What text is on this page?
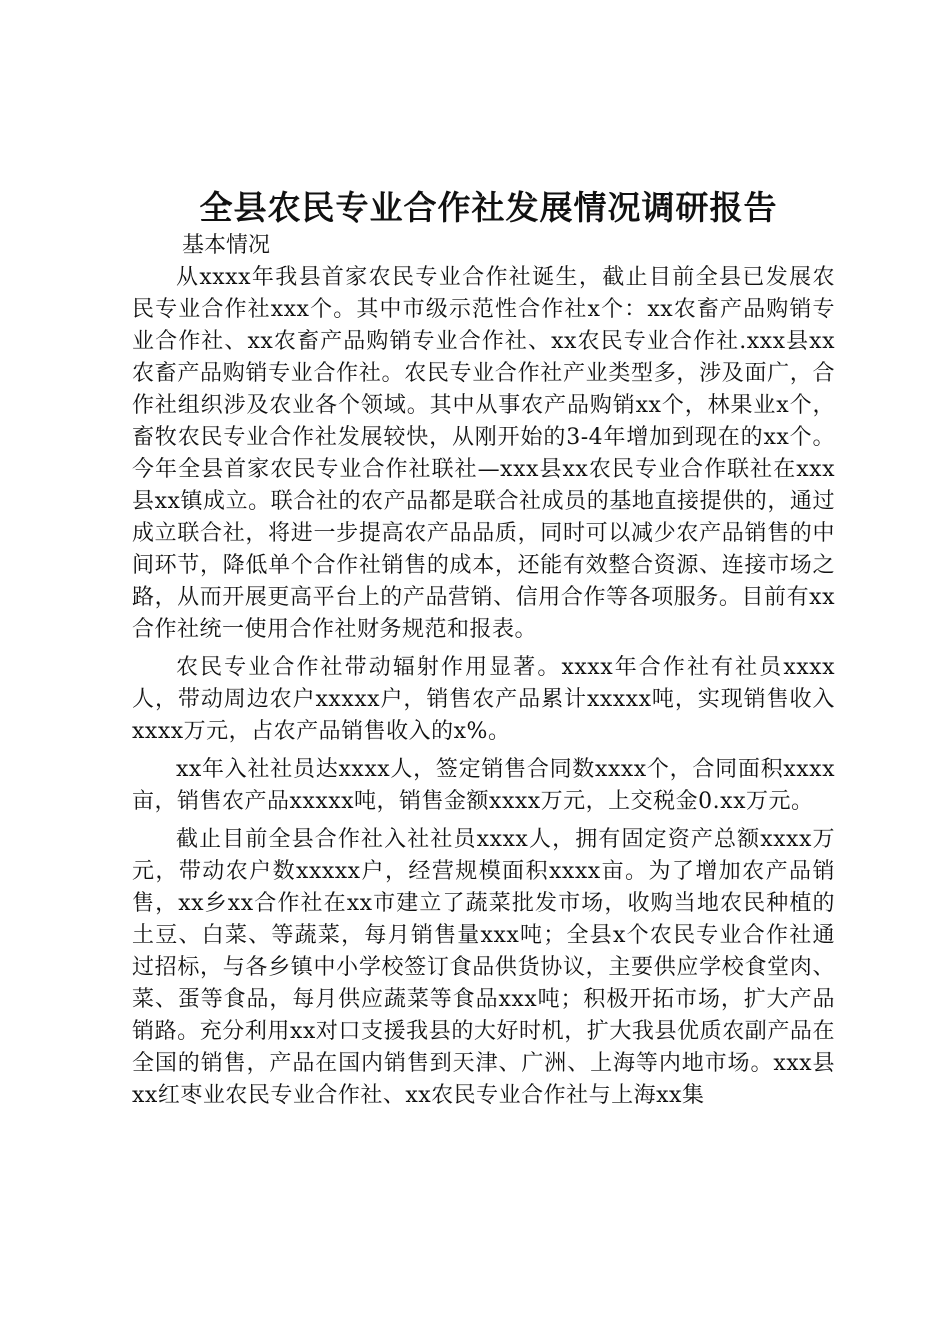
全县农民专业合作社发展情况调研报告
基本情况

从xxxx年我县首家农民专业合作社诞生，截止目前全县已发展农民专业合作社xxx个。其中市级示范性合作社x个：xx农畜产品购销专业合作社、xx农畜产品购销专业合作社、xx农民专业合作社.xxx县xx农畜产品购销专业合作社。农民专业合作社产业类型多，涉及面广，合作社组织涉及农业各个领域。其中从事农产品购销xx个，林果业x个，畜牧农民专业合作社发展较快，从刚开始的3-4年增加到现在的xx个。今年全县首家农民专业合作社联社—xxx县xx农民专业合作联社在xxx县xx镇成立。联合社的农产品都是联合社成员的基地直接提供的，通过成立联合社，将进一步提高农产品品质，同时可以减少农产品销售的中间环节，降低单个合作社销售的成本，还能有效整合资源、连接市场之路，从而开展更高平台上的产品营销、信用合作等各项服务。目前有xx合作社统一使用合作社财务规范和报表。

农民专业合作社带动辐射作用显著。xxxx年合作社有社员xxxx人，带动周边农户xxxxx户，销售农产品累计xxxxx吨，实现销售收入xxxx万元，占农产品销售收入的x%。

xx年入社社员达xxxx人，签定销售合同数xxxx个，合同面积xxxx亩，销售农产品xxxxx吨，销售金额xxxx万元，上交税金0.xx万元。

截止目前全县合作社入社社员xxxx人，拥有固定资产总额xxxx万元，带动农户数xxxxx户，经营规模面积xxxx亩。为了增加农产品销售，xx乡xx合作社在xx市建立了蔬菜批发市场，收购当地农民种植的土豆、白菜、等蔬菜，每月销售量xxx吨；全县x个农民专业合作社通过招标，与各乡镇中小学校签订食品供货协议，主要供应学校食堂肉、菜、蛋等食品，每月供应蔬菜等食品xxx吨；积极开拓市场，扩大产品销路。充分利用xx对口支援我县的大好时机，扩大我县优质农副产品在全国的销售，产品在国内销售到天津、广洲、上海等内地市场。xxx县xx红枣业农民专业合作社、xx农民专业合作社与上海xx集
